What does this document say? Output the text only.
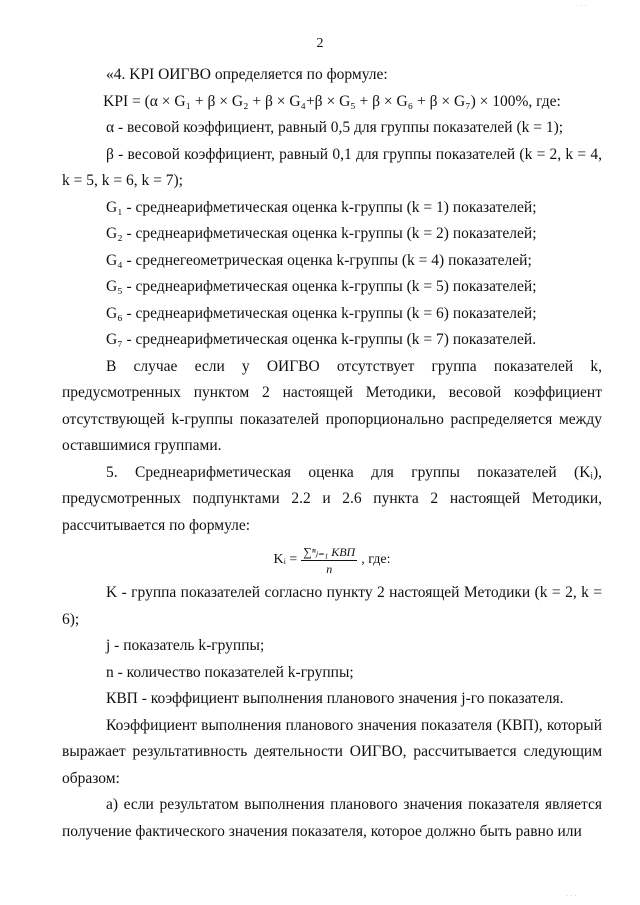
· · ·
2

«4. KPI ОИГВО определяется по формуле:

KPI = (α × G₁ + β × G₂ + β × G₄+β × G₅ + β × G₆ + β × G₇) × 100%, где:

α - весовой коэффициент, равный 0,5 для группы показателей (k = 1);

β - весовой коэффициент, равный 0,1 для группы показателей (k = 2, k = 4, k = 5, k = 6, k = 7);

G₁ - среднеарифметическая оценка k-группы (k = 1) показателей;

G₂ - среднеарифметическая оценка k-группы (k = 2) показателей;

G₄ - среднегеометрическая оценка k-группы (k = 4) показателей;

G₅ - среднеарифметическая оценка k-группы (k = 5) показателей;

G₆ - среднеарифметическая оценка k-группы (k = 6) показателей;

G₇ - среднеарифметическая оценка k-группы (k = 7) показателей.

В случае если у ОИГВО отсутствует группа показателей k, предусмотренных пунктом 2 настоящей Методики, весовой коэффициент отсутствующей k-группы показателей пропорционально распределяется между оставшимися группами.

5. Среднеарифметическая оценка для группы показателей (Kᵢ), предусмотренных подпунктами 2.2 и 2.6 пункта 2 настоящей Методики, рассчитывается по формуле:

Kᵢ = $\frac{\text{∑ⁿⱼ₌₁ КВП}}{n}$ , где:

K - группа показателей согласно пункту 2 настоящей Методики (k = 2, k = 6);

j - показатель k-группы;

n - количество показателей k-группы;

КВП - коэффициент выполнения планового значения j-го показателя.

Коэффициент выполнения планового значения показателя (КВП), который выражает результативность деятельности ОИГВО, рассчитывается следующим образом:

а) если результатом выполнения планового значения показателя является получение фактического значения показателя, которое должно быть равно или

· · ·
